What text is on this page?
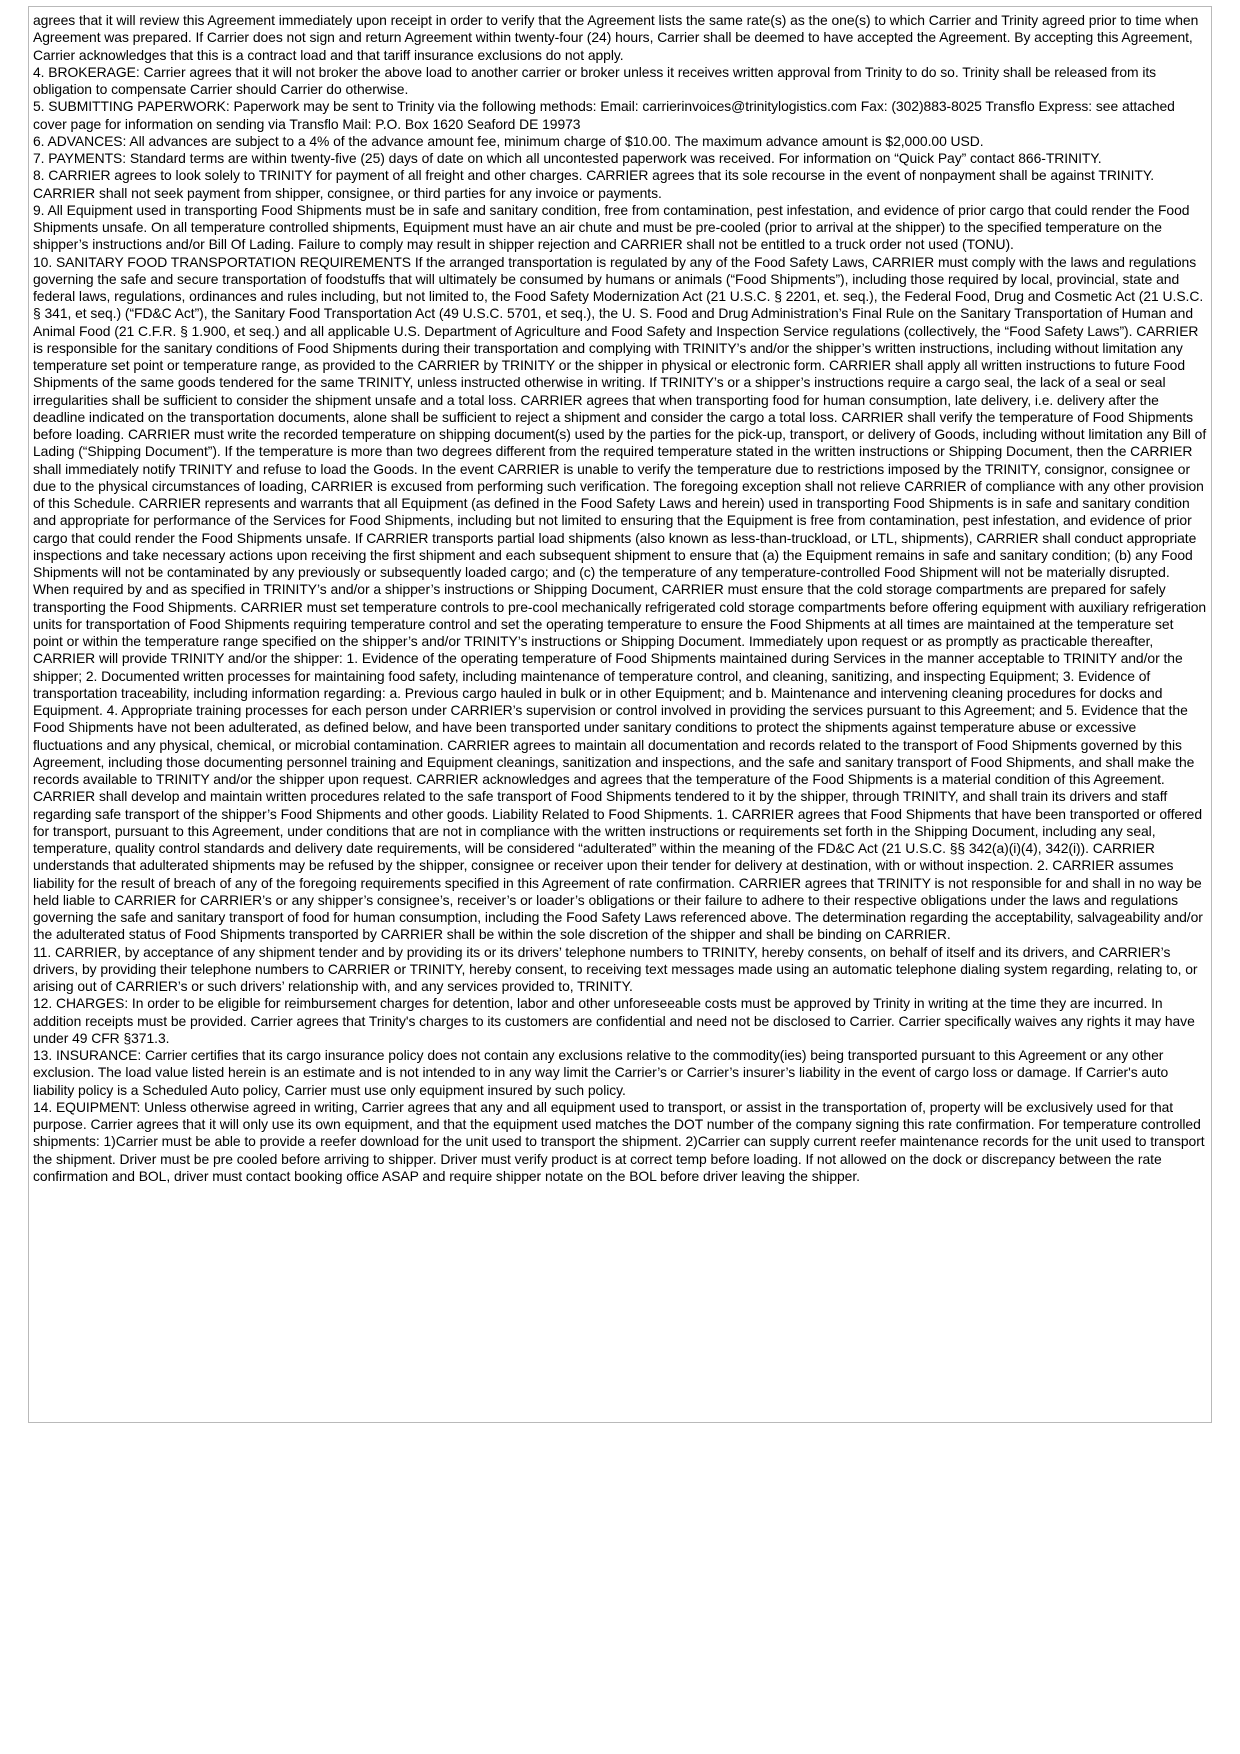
agrees that it will review this Agreement immediately upon receipt in order to verify that the Agreement lists the same rate(s) as the one(s) to which Carrier and Trinity agreed prior to time when Agreement was prepared. If Carrier does not sign and return Agreement within twenty-four (24) hours, Carrier shall be deemed to have accepted the Agreement. By accepting this Agreement, Carrier acknowledges that this is a contract load and that tariff insurance exclusions do not apply.

4. BROKERAGE: Carrier agrees that it will not broker the above load to another carrier or broker unless it receives written approval from Trinity to do so. Trinity shall be released from its obligation to compensate Carrier should Carrier do otherwise.

5. SUBMITTING PAPERWORK: Paperwork may be sent to Trinity via the following methods: Email: carrierinvoices@trinitylogistics.com Fax: (302)883-8025 Transflo Express: see attached cover page for information on sending via Transflo Mail: P.O. Box 1620 Seaford DE 19973

6. ADVANCES: All advances are subject to a 4% of the advance amount fee, minimum charge of $10.00. The maximum advance amount is $2,000.00 USD.

7. PAYMENTS: Standard terms are within twenty-five (25) days of date on which all uncontested paperwork was received. For information on “Quick Pay” contact 866-TRINITY.

8. CARRIER agrees to look solely to TRINITY for payment of all freight and other charges. CARRIER agrees that its sole recourse in the event of nonpayment shall be against TRINITY. CARRIER shall not seek payment from shipper, consignee, or third parties for any invoice or payments.

9. All Equipment used in transporting Food Shipments must be in safe and sanitary condition, free from contamination, pest infestation, and evidence of prior cargo that could render the Food Shipments unsafe. On all temperature controlled shipments, Equipment must have an air chute and must be pre-cooled (prior to arrival at the shipper) to the specified temperature on the shipper’s instructions and/or Bill Of Lading. Failure to comply may result in shipper rejection and CARRIER shall not be entitled to a truck order not used (TONU).

10. SANITARY FOOD TRANSPORTATION REQUIREMENTS If the arranged transportation is regulated by any of the Food Safety Laws, CARRIER must comply with the laws and regulations governing the safe and secure transportation of foodstuffs that will ultimately be consumed by humans or animals (“Food Shipments”), including those required by local, provincial, state and federal laws, regulations, ordinances and rules including, but not limited to, the Food Safety Modernization Act (21 U.S.C. § 2201, et. seq.), the Federal Food, Drug and Cosmetic Act (21 U.S.C. § 341, et seq.) (“FD&C Act”), the Sanitary Food Transportation Act (49 U.S.C. 5701, et seq.), the U. S. Food and Drug Administration’s Final Rule on the Sanitary Transportation of Human and Animal Food (21 C.F.R. § 1.900, et seq.) and all applicable U.S. Department of Agriculture and Food Safety and Inspection Service regulations (collectively, the “Food Safety Laws”). CARRIER is responsible for the sanitary conditions of Food Shipments during their transportation and complying with TRINITY’s and/or the shipper’s written instructions, including without limitation any temperature set point or temperature range, as provided to the CARRIER by TRINITY or the shipper in physical or electronic form. CARRIER shall apply all written instructions to future Food Shipments of the same goods tendered for the same TRINITY, unless instructed otherwise in writing. If TRINITY’s or a shipper’s instructions require a cargo seal, the lack of a seal or seal irregularities shall be sufficient to consider the shipment unsafe and a total loss. CARRIER agrees that when transporting food for human consumption, late delivery, i.e. delivery after the deadline indicated on the transportation documents, alone shall be sufficient to reject a shipment and consider the cargo a total loss. CARRIER shall verify the temperature of Food Shipments before loading. CARRIER must write the recorded temperature on shipping document(s) used by the parties for the pick-up, transport, or delivery of Goods, including without limitation any Bill of Lading (“Shipping Document”). If the temperature is more than two degrees different from the required temperature stated in the written instructions or Shipping Document, then the CARRIER shall immediately notify TRINITY and refuse to load the Goods. In the event CARRIER is unable to verify the temperature due to restrictions imposed by the TRINITY, consignor, consignee or due to the physical circumstances of loading, CARRIER is excused from performing such verification. The foregoing exception shall not relieve CARRIER of compliance with any other provision of this Schedule. CARRIER represents and warrants that all Equipment (as defined in the Food Safety Laws and herein) used in transporting Food Shipments is in safe and sanitary condition and appropriate for performance of the Services for Food Shipments, including but not limited to ensuring that the Equipment is free from contamination, pest infestation, and evidence of prior cargo that could render the Food Shipments unsafe. If CARRIER transports partial load shipments (also known as less-than-truckload, or LTL, shipments), CARRIER shall conduct appropriate inspections and take necessary actions upon receiving the first shipment and each subsequent shipment to ensure that (a) the Equipment remains in safe and sanitary condition; (b) any Food Shipments will not be contaminated by any previously or subsequently loaded cargo; and (c) the temperature of any temperature-controlled Food Shipment will not be materially disrupted. When required by and as specified in TRINITY’s and/or a shipper’s instructions or Shipping Document, CARRIER must ensure that the cold storage compartments are prepared for safely transporting the Food Shipments. CARRIER must set temperature controls to pre-cool mechanically refrigerated cold storage compartments before offering equipment with auxiliary refrigeration units for transportation of Food Shipments requiring temperature control and set the operating temperature to ensure the Food Shipments at all times are maintained at the temperature set point or within the temperature range specified on the shipper’s and/or TRINITY’s instructions or Shipping Document. Immediately upon request or as promptly as practicable thereafter, CARRIER will provide TRINITY and/or the shipper: 1. Evidence of the operating temperature of Food Shipments maintained during Services in the manner acceptable to TRINITY and/or the shipper; 2. Documented written processes for maintaining food safety, including maintenance of temperature control, and cleaning, sanitizing, and inspecting Equipment; 3. Evidence of transportation traceability, including information regarding: a. Previous cargo hauled in bulk or in other Equipment; and b. Maintenance and intervening cleaning procedures for docks and Equipment. 4. Appropriate training processes for each person under CARRIER’s supervision or control involved in providing the services pursuant to this Agreement; and 5. Evidence that the Food Shipments have not been adulterated, as defined below, and have been transported under sanitary conditions to protect the shipments against temperature abuse or excessive fluctuations and any physical, chemical, or microbial contamination. CARRIER agrees to maintain all documentation and records related to the transport of Food Shipments governed by this Agreement, including those documenting personnel training and Equipment cleanings, sanitization and inspections, and the safe and sanitary transport of Food Shipments, and shall make the records available to TRINITY and/or the shipper upon request. CARRIER acknowledges and agrees that the temperature of the Food Shipments is a material condition of this Agreement. CARRIER shall develop and maintain written procedures related to the safe transport of Food Shipments tendered to it by the shipper, through TRINITY, and shall train its drivers and staff regarding safe transport of the shipper’s Food Shipments and other goods. Liability Related to Food Shipments. 1. CARRIER agrees that Food Shipments that have been transported or offered for transport, pursuant to this Agreement, under conditions that are not in compliance with the written instructions or requirements set forth in the Shipping Document, including any seal, temperature, quality control standards and delivery date requirements, will be considered “adulterated” within the meaning of the FD&C Act (21 U.S.C. §§ 342(a)(i)(4), 342(i)). CARRIER understands that adulterated shipments may be refused by the shipper, consignee or receiver upon their tender for delivery at destination, with or without inspection. 2. CARRIER assumes liability for the result of breach of any of the foregoing requirements specified in this Agreement of rate confirmation. CARRIER agrees that TRINITY is not responsible for and shall in no way be held liable to CARRIER for CARRIER’s or any shipper’s consignee’s, receiver’s or loader’s obligations or their failure to adhere to their respective obligations under the laws and regulations governing the safe and sanitary transport of food for human consumption, including the Food Safety Laws referenced above. The determination regarding the acceptability, salvageability and/or the adulterated status of Food Shipments transported by CARRIER shall be within the sole discretion of the shipper and shall be binding on CARRIER.

11. CARRIER, by acceptance of any shipment tender and by providing its or its drivers’ telephone numbers to TRINITY, hereby consents, on behalf of itself and its drivers, and CARRIER’s drivers, by providing their telephone numbers to CARRIER or TRINITY, hereby consent, to receiving text messages made using an automatic telephone dialing system regarding, relating to, or arising out of CARRIER’s or such drivers’ relationship with, and any services provided to, TRINITY.

12. CHARGES: In order to be eligible for reimbursement charges for detention, labor and other unforeseeable costs must be approved by Trinity in writing at the time they are incurred. In addition receipts must be provided. Carrier agrees that Trinity's charges to its customers are confidential and need not be disclosed to Carrier. Carrier specifically waives any rights it may have under 49 CFR §371.3.

13. INSURANCE: Carrier certifies that its cargo insurance policy does not contain any exclusions relative to the commodity(ies) being transported pursuant to this Agreement or any other exclusion. The load value listed herein is an estimate and is not intended to in any way limit the Carrier’s or Carrier’s insurer’s liability in the event of cargo loss or damage. If Carrier's auto liability policy is a Scheduled Auto policy, Carrier must use only equipment insured by such policy.

14. EQUIPMENT: Unless otherwise agreed in writing, Carrier agrees that any and all equipment used to transport, or assist in the transportation of, property will be exclusively used for that purpose. Carrier agrees that it will only use its own equipment, and that the equipment used matches the DOT number of the company signing this rate confirmation. For temperature controlled shipments: 1)Carrier must be able to provide a reefer download for the unit used to transport the shipment. 2)Carrier can supply current reefer maintenance records for the unit used to transport the shipment. Driver must be pre cooled before arriving to shipper. Driver must verify product is at correct temp before loading. If not allowed on the dock or discrepancy between the rate confirmation and BOL, driver must contact booking office ASAP and require shipper notate on the BOL before driver leaving the shipper.
